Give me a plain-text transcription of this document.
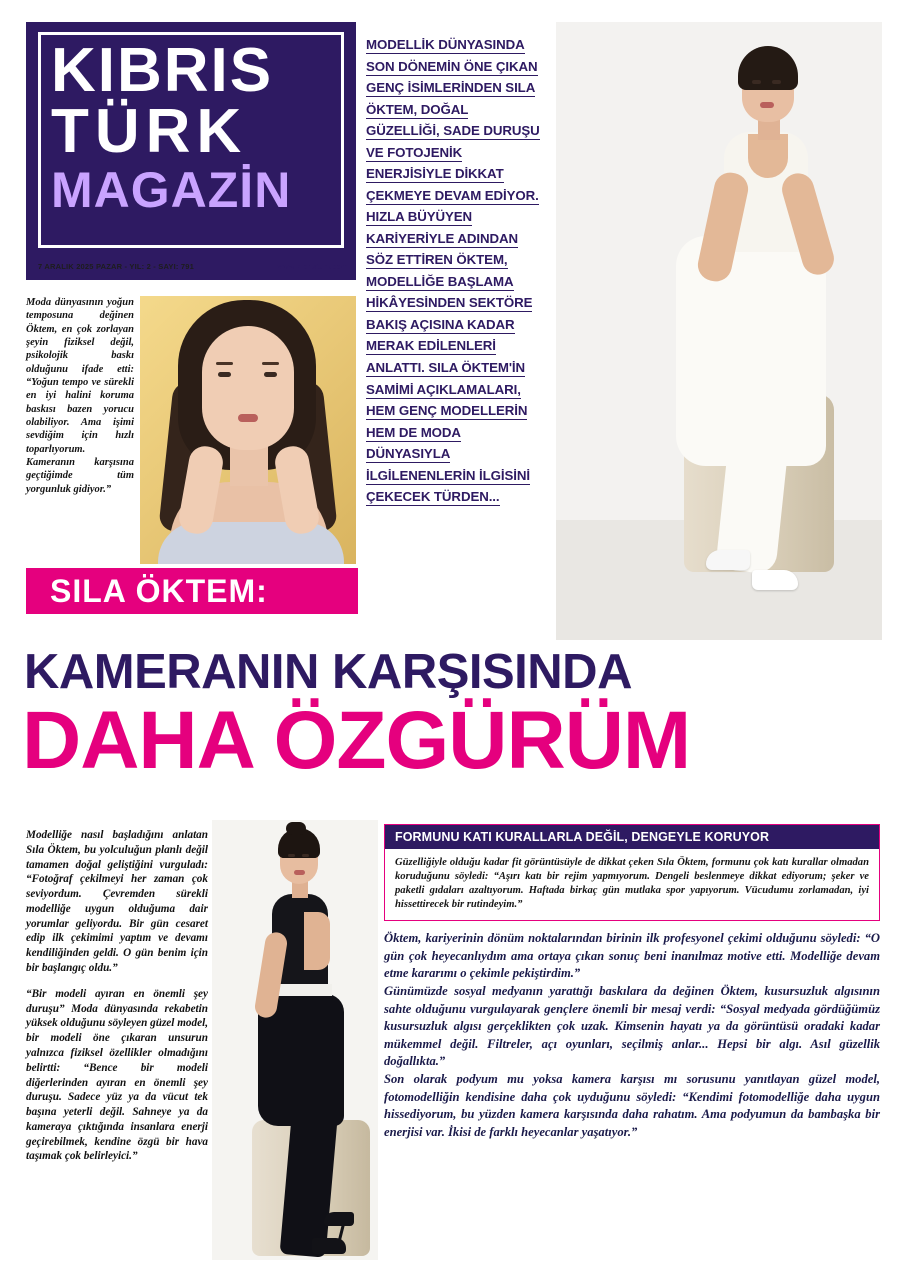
KIBRIS
TÜRK
MAGAZİN
7 ARALIK 2025 PAZAR - YIL: 2 - SAYI: 791	www.kibristurk.com
Moda dünyasının yoğun temposuna değinen Öktem, en çok zorlayan şeyin fiziksel değil, psikolojik baskı olduğunu ifade etti: “Yoğun tempo ve sürekli en iyi halini koruma baskısı bazen yorucu olabiliyor. Ama işimi sevdiğim için hızlı toparlıyorum. Kameranın karşısına geçtiğimde tüm yorgunluk gidiyor.”
MODELLİK DÜNYASINDA SON DÖNEMİN ÖNE ÇIKAN GENÇ İSİMLERİNDEN SILA ÖKTEM, DOĞAL GÜZELLİĞİ, SADE DURUŞU VE FOTOJENİK ENERJİSİYLE DİKKAT ÇEKMEYE DEVAM EDİYOR. HIZLA BÜYÜYEN KARİYERİYLE ADINDAN SÖZ ETTİREN ÖKTEM, MODELLİĞE BAŞLAMA HİKÂYESİNDEN SEKTÖRE BAKIŞ AÇISINA KADAR MERAK EDİLENLERİ ANLATTI. SILA ÖKTEM'İN SAMİMİ AÇIKLAMALARI, HEM GENÇ MODELLERİN HEM DE MODA DÜNYASIYLA İLGİLENENLERİN İLGİSİNİ ÇEKECEK TÜRDEN...
SILA ÖKTEM:
KAMERANIN KARŞISINDA
DAHA ÖZGÜRÜM

Modelliğe nasıl başladığını anlatan Sıla Öktem, bu yolculuğun planlı değil tamamen doğal geliştiğini vurguladı: “Fotoğraf çekilmeyi her zaman çok seviyordum. Çevremden sürekli modelliğe uygun olduğuma dair yorumlar geliyordu. Bir gün cesaret edip ilk çekimimi yaptım ve devamı kendiliğinden geldi. O gün benim için bir başlangıç oldu.”

“Bir modeli ayıran en önemli şey duruşu” Moda dünyasında rekabetin yüksek olduğunu söyleyen güzel model, bir modeli öne çıkaran unsurun yalnızca fiziksel özellikler olmadığını belirtti: “Bence bir modeli diğerlerinden ayıran en önemli şey duruşu. Sadece yüz ya da vücut tek başına yeterli değil. Sahneye ya da kameraya çıktığında insanlara enerji geçirebilmek, kendine özgü bir hava taşımak çok belirleyici.”

FORMUNU KATI KURALLARLA DEĞİL, DENGEYLE KORUYOR
Güzelliğiyle olduğu kadar fit görüntüsüyle de dikkat çeken Sıla Öktem, formunu çok katı kurallar olmadan koruduğunu söyledi: “Aşırı katı bir rejim yapmıyorum. Dengeli beslenmeye dikkat ediyorum; şeker ve paketli gıdaları azaltıyorum. Haftada birkaç gün mutlaka spor yapıyorum. Vücudumu zorlamadan, iyi hissettirecek bir rutindeyim.”

Öktem, kariyerinin dönüm noktalarından birinin ilk profesyonel çekimi olduğunu söyledi: “O gün çok heyecanlıydım ama ortaya çıkan sonuç beni inanılmaz motive etti. Modelliğe devam etme kararımı o çekimle pekiştirdim.”

Günümüzde sosyal medyanın yarattığı baskılara da değinen Öktem, kusursuzluk algısının sahte olduğunu vurgulayarak gençlere önemli bir mesaj verdi: “Sosyal medyada gördüğümüz kusursuzluk algısı gerçeklikten çok uzak. Kimsenin hayatı ya da görüntüsü oradaki kadar mükemmel değil. Filtreler, açı oyunları, seçilmiş anlar... Hepsi bir algı. Asıl güzellik doğallıkta.”

Son olarak podyum mu yoksa kamera karşısı mı sorusunu yanıtlayan güzel model, fotomodelliğin kendisine daha çok uyduğunu söyledi: “Kendimi fotomodelliğe daha uygun hissediyorum, bu yüzden kamera karşısında daha rahatım. Ama podyumun da bambaşka bir enerjisi var. İkisi de farklı heyecanlar yaşatıyor.”
